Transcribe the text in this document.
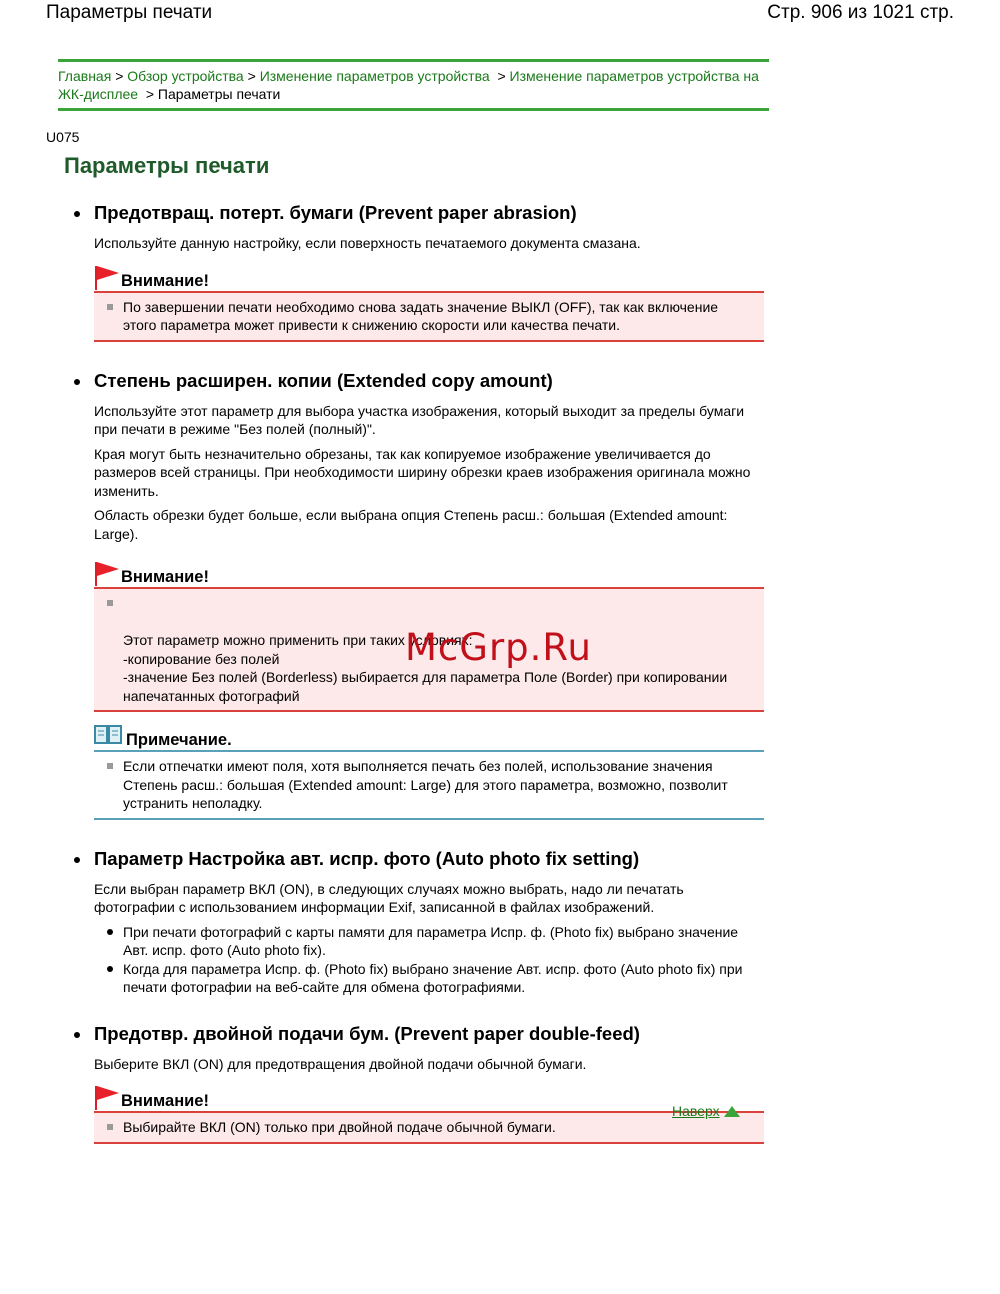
Параметры печати	Стр. 906 из 1021 стр.
Главная > Обзор устройства > Изменение параметров устройства > Изменение параметров устройства на ЖК-дисплее > Параметры печати
U075
Параметры печати
Предотвращ. потерт. бумаги (Prevent paper abrasion)

Используйте данную настройку, если поверхность печатаемого документа смазана.

Внимание!
По завершении печати необходимо снова задать значение ВЫКЛ (OFF), так как включение этого параметра может привести к снижению скорости или качества печати.
Степень расширен. копии (Extended copy amount)

Используйте этот параметр для выбора участка изображения, который выходит за пределы бумаги при печати в режиме "Без полей (полный)".

Края могут быть незначительно обрезаны, так как копируемое изображение увеличивается до размеров всей страницы. При необходимости ширину обрезки краев изображения оригинала можно изменить.

Область обрезки будет больше, если выбрана опция Степень расш.: большая (Extended amount: Large).

Внимание!

Этот параметр можно применить при таких условиях:
-копирование без полей
-значение Без полей (Borderless) выбирается для параметра Поле (Border) при копировании напечатанных фотографий

Примечание.
Если отпечатки имеют поля, хотя выполняется печать без полей, использование значения Степень расш.: большая (Extended amount: Large) для этого параметра, возможно, позволит устранить неполадку.
Параметр Настройка авт. испр. фото (Auto photo fix setting)

Если выбран параметр ВКЛ (ON), в следующих случаях можно выбрать, надо ли печатать фотографии с использованием информации Exif, записанной в файлах изображений.

При печати фотографий с карты памяти для параметра Испр. ф. (Photo fix) выбрано значение Авт. испр. фото (Auto photo fix).
Когда для параметра Испр. ф. (Photo fix) выбрано значение Авт. испр. фото (Auto photo fix) при печати фотографии на веб-сайте для обмена фотографиями.
Предотвр. двойной подачи бум. (Prevent paper double-feed)

Выберите ВКЛ (ON) для предотвращения двойной подачи обычной бумаги.

Внимание!
Выбирайте ВКЛ (ON) только при двойной подаче обычной бумаги.
Наверх
McGrp.Ru
